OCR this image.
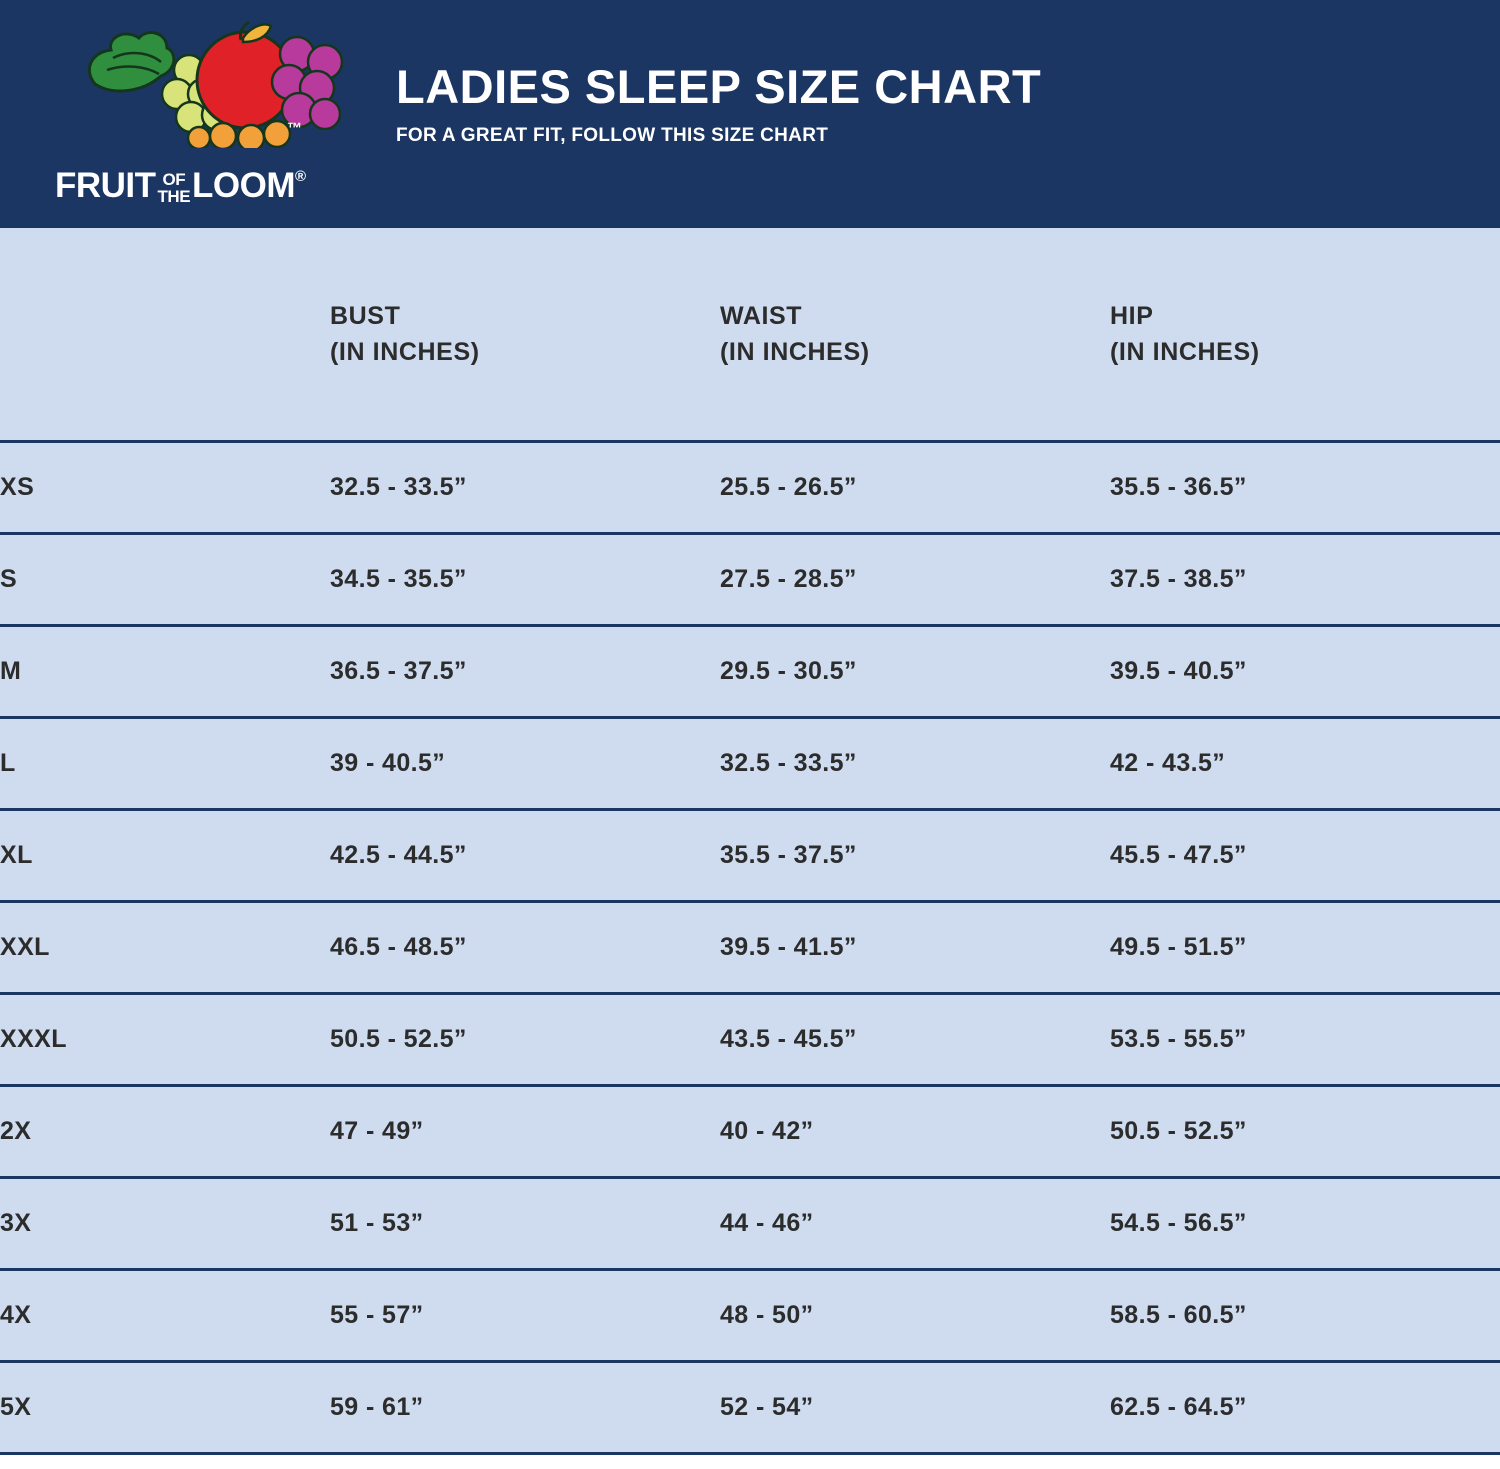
™
FRUIT OF
THE LOOM®
LADIES SLEEP SIZE CHART
FOR A GREAT FIT, FOLLOW THIS SIZE CHART

BUST
(IN INCHES)

WAIST
(IN INCHES)

HIP
(IN INCHES)

XS	32.5 - 33.5”	25.5 - 26.5”	35.5 - 36.5”
S	34.5 - 35.5”	27.5 - 28.5”	37.5 - 38.5”
M	36.5 - 37.5”	29.5 - 30.5”	39.5 - 40.5”
L	39 - 40.5”	32.5 - 33.5”	42 - 43.5”
XL	42.5 - 44.5”	35.5 - 37.5”	45.5 - 47.5”
XXL	46.5 - 48.5”	39.5 - 41.5”	49.5 - 51.5”
XXXL	50.5 - 52.5”	43.5 - 45.5”	53.5 - 55.5”
2X	47 - 49”	40 - 42”	50.5 - 52.5”
3X	51 - 53”	44 - 46”	54.5 - 56.5”
4X	55 - 57”	48 - 50”	58.5 - 60.5”
5X	59 - 61”	52 - 54”	62.5 - 64.5”
